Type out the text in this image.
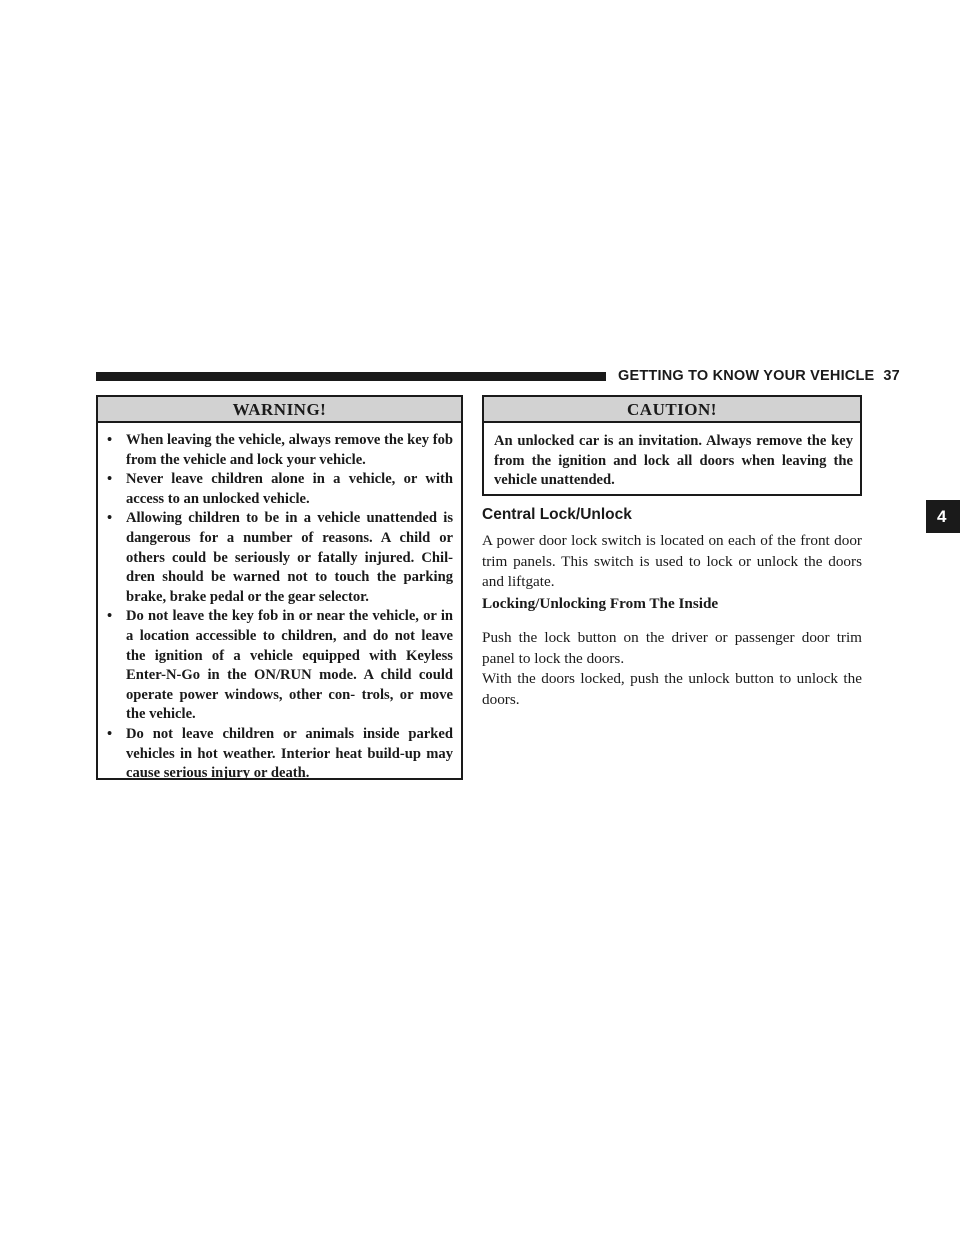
GETTING TO KNOW YOUR VEHICLE 37
4
WARNING!
• When leaving the vehicle, always remove the key fob from the vehicle and lock your vehicle.
• Never leave children alone in a vehicle, or with access to an unlocked vehicle.
• Allowing children to be in a vehicle unattended is dangerous for a number of reasons. A child or others could be seriously or fatally injured. Chil- dren should be warned not to touch the parking brake, brake pedal or the gear selector.
• Do not leave the key fob in or near the vehicle, or in a location accessible to children, and do not leave the ignition of a vehicle equipped with Keyless Enter-N-Go in the ON/RUN mode. A child could operate power windows, other con- trols, or move the vehicle.
• Do not leave children or animals inside parked vehicles in hot weather. Interior heat build-up may cause serious injury or death.
CAUTION!

An unlocked car is an invitation. Always remove the key from the ignition and lock all doors when leaving the vehicle unattended.

Central Lock/Unlock

A power door lock switch is located on each of the front door trim panels. This switch is used to lock or unlock the doors and liftgate.

Locking/Unlocking From The Inside

Push the lock button on the driver or passenger door trim panel to lock the doors.

With the doors locked, push the unlock button to unlock the doors.
